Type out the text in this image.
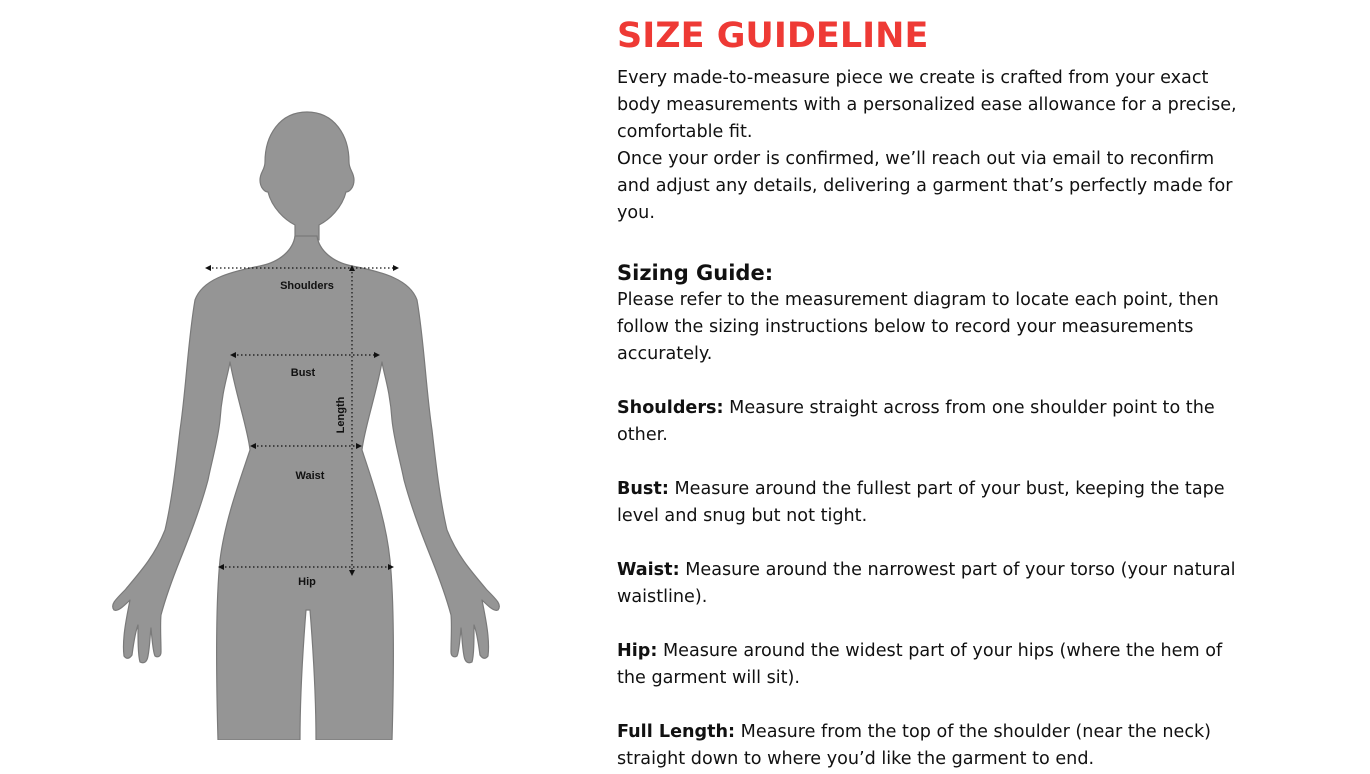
Shoulders
Bust
Waist
Hip
Length
SIZE GUIDELINE

Every made-to-measure piece we create is crafted from your exact
body measurements with a personalized ease allowance for a precise,
comfortable fit.
Once your order is confirmed, we’ll reach out via email to reconfirm
and adjust any details, delivering a garment that’s perfectly made for
you.

Sizing Guide:

Please refer to the measurement diagram to locate each point, then
follow the sizing instructions below to record your measurements
accurately.

Shoulders: Measure straight across from one shoulder point to the
other.

Bust: Measure around the fullest part of your bust, keeping the tape
level and snug but not tight.

Waist: Measure around the narrowest part of your torso (your natural
waistline).

Hip: Measure around the widest part of your hips (where the hem of
the garment will sit).

Full Length: Measure from the top of the shoulder (near the neck)
straight down to where you’d like the garment to end.
